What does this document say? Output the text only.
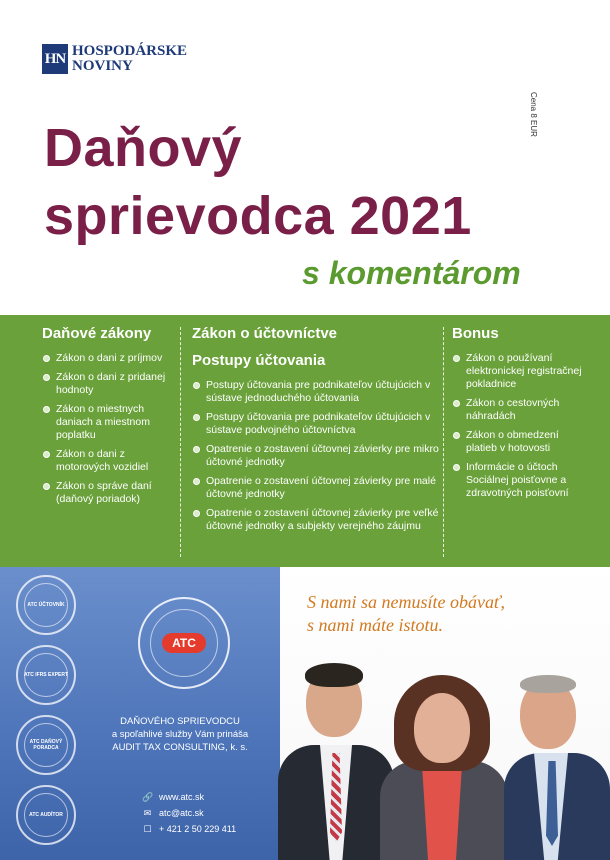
HN HOSPODÁRSKE
NOVINY
Cena 8 EUR
Daňový
sprievodca 2021
s komentárom
Daňové zákony
Zákon o dani z príjmov
Zákon o dani z pridanej hodnoty
Zákon o miestnych daniach a miestnom poplatku
Zákon o dani z motorových vozidiel
Zákon o správe daní (daňový poriadok)
Zákon o účtovníctve
Postupy účtovania
Postupy účtovania pre podnikateľov účtujúcich v sústave jednoduchého účtovania
Postupy účtovania pre podnikateľov účtujúcich v sústave podvojného účtovníctva
Opatrenie o zostavení účtovnej závierky pre mikro účtovné jednotky
Opatrenie o zostavení účtovnej závierky pre malé účtovné jednotky
Opatrenie o zostavení účtovnej závierky pre veľké účtovné jednotky a subjekty verejného záujmu
Bonus
Zákon o používaní elektronickej registračnej pokladnice
Zákon o cestovných náhradách
Zákon o obmedzení platieb v hotovosti
Informácie o účtoch Sociálnej poisťovne a zdravotných poisťovní
ATC ÚČTOVNÍK
ATC IFRS EXPERT
ATC DAŇOVÝ PORADCA
ATC AUDÍTOR
ATC
DAŇOVÉHO SPRIEVODCU
a spoľahlivé služby Vám prináša
AUDIT TAX CONSULTING, k. s.
🔗 www.atc.sk
✉ atc@atc.sk
☐ + 421 2 50 229 411
S nami sa nemusíte obávať,
s nami máte istotu.
